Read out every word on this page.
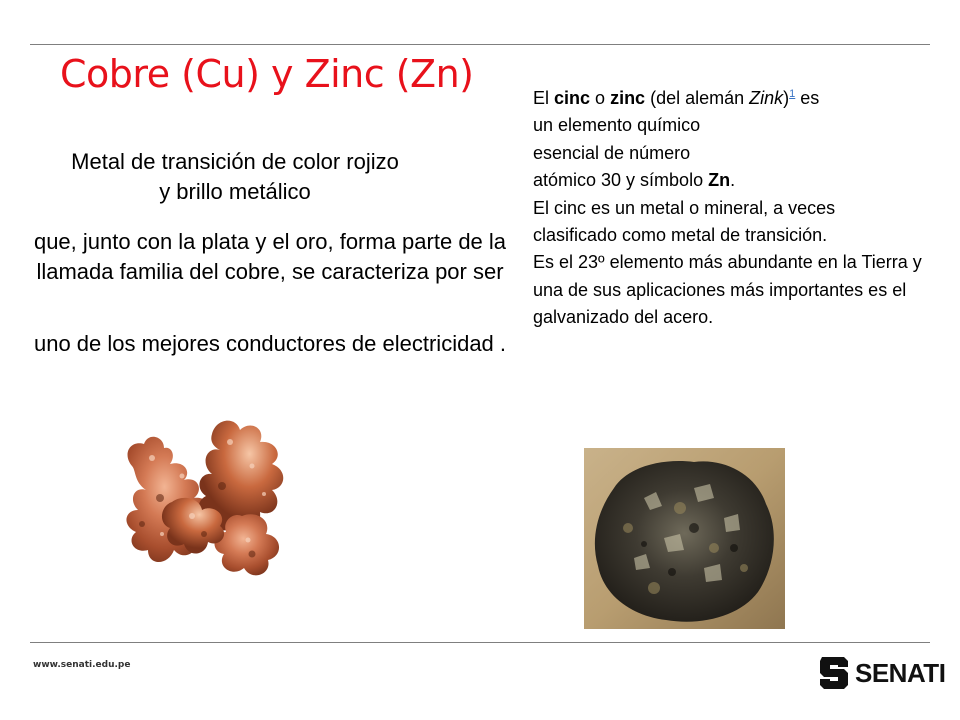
Cobre (Cu) y Zinc (Zn)
Metal de transición de color rojizo
y brillo metálico
que, junto con la plata y el oro, forma parte de la llamada familia del cobre, se caracteriza por ser
uno de los mejores conductores de electricidad .
El cinc o zinc (del alemán Zink)$^1$ es
un elemento químico
esencial de número
atómico 30 y símbolo Zn.
El cinc es un metal o mineral, a veces clasificado como metal de transición.
Es el 23º elemento más abundante en la Tierra y una de sus aplicaciones más importantes es el galvanizado del acero.
www.senati.edu.pe	SENATI
